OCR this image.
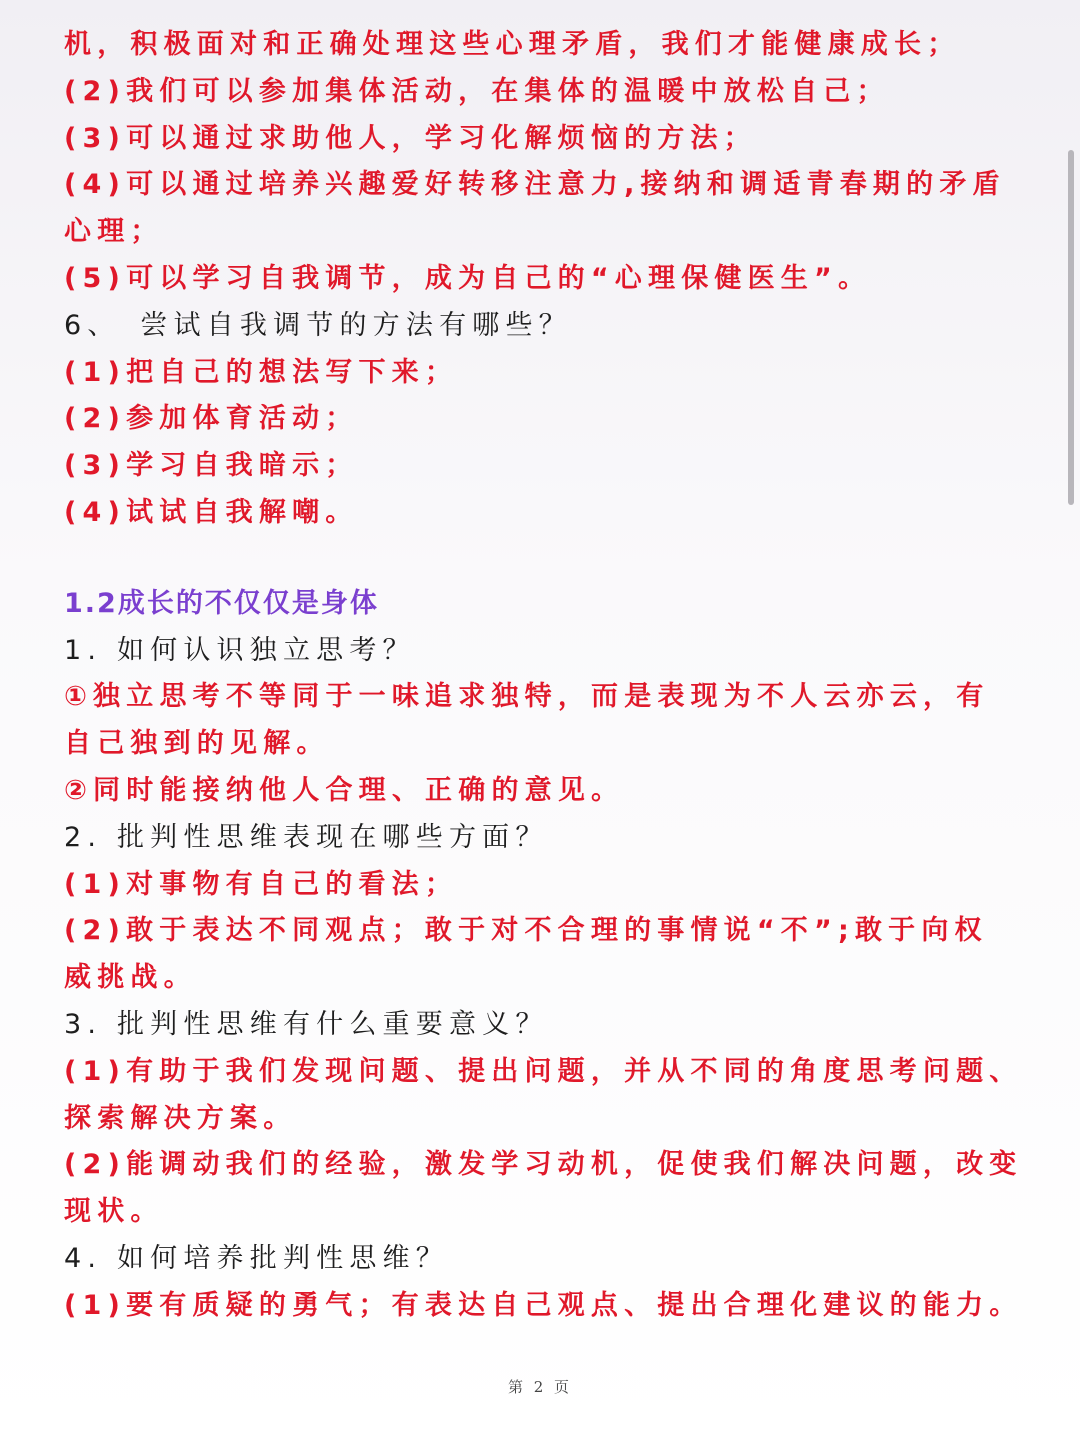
机，积极面对和正确处理这些心理矛盾，我们才能健康成长；
(2)我们可以参加集体活动，在集体的温暖中放松自己；
(3)可以通过求助他人，学习化解烦恼的方法；
(4)可以通过培养兴趣爱好转移注意力,接纳和调适青春期的矛盾
心理；
(5)可以学习自我调节，成为自己的“心理保健医生”。
6、　尝试自我调节的方法有哪些？
(1)把自己的想法写下来；
(2)参加体育活动；
(3)学习自我暗示；
(4)试试自我解嘲。
1.2成长的不仅仅是身体
1. 如何认识独立思考？
①独立思考不等同于一味追求独特，而是表现为不人云亦云，有
自己独到的见解。
②同时能接纳他人合理、正确的意见。
2. 批判性思维表现在哪些方面？
(1)对事物有自己的看法；
(2)敢于表达不同观点；敢于对不合理的事情说“不”;敢于向权
威挑战。
3. 批判性思维有什么重要意义？
(1)有助于我们发现问题、提出问题，并从不同的角度思考问题、
探索解决方案。
(2)能调动我们的经验，激发学习动机，促使我们解决问题，改变
现状。
4. 如何培养批判性思维？
(1)要有质疑的勇气；有表达自己观点、提出合理化建议的能力。
第 2 页
